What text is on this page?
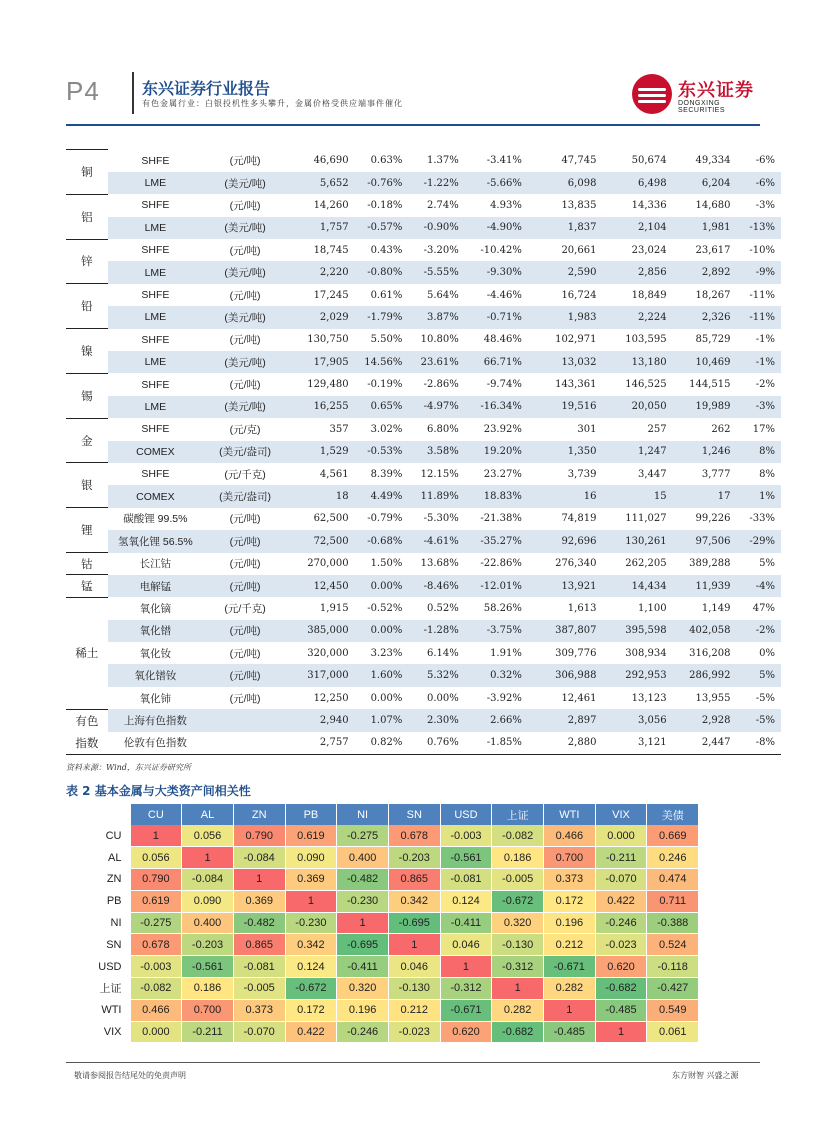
P4	东兴证券行业报告
有色金属行业：白银投机性多头攀升，金属价格受供应端事件催化
东兴证券
DONGXING SECURITIES
铜	SHFE	(元/吨)	46,690	0.63%	1.37%	-3.41%	47,745	50,674	49,334	-6%
	LME	(美元/吨)	5,652	-0.76%	-1.22%	-5.66%	6,098	6,498	6,204	-6%
铝	SHFE	(元/吨)	14,260	-0.18%	2.74%	4.93%	13,835	14,336	14,680	-3%
	LME	(美元/吨)	1,757	-0.57%	-0.90%	-4.90%	1,837	2,104	1,981	-13%
锌	SHFE	(元/吨)	18,745	0.43%	-3.20%	-10.42%	20,661	23,024	23,617	-10%
	LME	(美元/吨)	2,220	-0.80%	-5.55%	-9.30%	2,590	2,856	2,892	-9%
铅	SHFE	(元/吨)	17,245	0.61%	5.64%	-4.46%	16,724	18,849	18,267	-11%
	LME	(美元/吨)	2,029	-1.79%	3.87%	-0.71%	1,983	2,224	2,326	-11%
镍	SHFE	(元/吨)	130,750	5.50%	10.80%	48.46%	102,971	103,595	85,729	-1%
	LME	(美元/吨)	17,905	14.56%	23.61%	66.71%	13,032	13,180	10,469	-1%
锡	SHFE	(元/吨)	129,480	-0.19%	-2.86%	-9.74%	143,361	146,525	144,515	-2%
	LME	(美元/吨)	16,255	0.65%	-4.97%	-16.34%	19,516	20,050	19,989	-3%
金	SHFE	(元/克)	357	3.02%	6.80%	23.92%	301	257	262	17%
	COMEX	(美元/盎司)	1,529	-0.53%	3.58%	19.20%	1,350	1,247	1,246	8%
银	SHFE	(元/千克)	4,561	8.39%	12.15%	23.27%	3,739	3,447	3,777	8%
	COMEX	(美元/盎司)	18	4.49%	11.89%	18.83%	16	15	17	1%
锂	碳酸锂 99.5%	(元/吨)	62,500	-0.79%	-5.30%	-21.38%	74,819	111,027	99,226	-33%
	氢氧化锂 56.5%	(元/吨)	72,500	-0.68%	-4.61%	-35.27%	92,696	130,261	97,506	-29%
钴	长江钴	(元/吨)	270,000	1.50%	13.68%	-22.86%	276,340	262,205	389,288	5%
锰	电解锰	(元/吨)	12,450	0.00%	-8.46%	-12.01%	13,921	14,434	11,939	-4%
稀土	氧化镝	(元/千克)	1,915	-0.52%	0.52%	58.26%	1,613	1,100	1,149	47%
	氧化镨	(元/吨)	385,000	0.00%	-1.28%	-3.75%	387,807	395,598	402,058	-2%
	氧化钕	(元/吨)	320,000	3.23%	6.14%	1.91%	309,776	308,934	316,208	0%
	氧化镨钕	(元/吨)	317,000	1.60%	5.32%	0.32%	306,988	292,953	286,992	5%
	氧化铈	(元/吨)	12,250	0.00%	0.00%	-3.92%	12,461	13,123	13,955	-5%
有色	上海有色指数		2,940	1.07%	2.30%	2.66%	2,897	3,056	2,928	-5%
指数	伦敦有色指数		2,757	0.82%	0.76%	-1.85%	2,880	3,121	2,447	-8%
资料来源：Wind，东兴证券研究所
表 2 基本金属与大类资产间相关性
	CU	AL	ZN	PB	NI	SN	USD	上证	WTI	VIX	美债
CU	1	0.056	0.790	0.619	-0.275	0.678	-0.003	-0.082	0.466	0.000	0.669
AL	0.056	1	-0.084	0.090	0.400	-0.203	-0.561	0.186	0.700	-0.211	0.246
ZN	0.790	-0.084	1	0.369	-0.482	0.865	-0.081	-0.005	0.373	-0.070	0.474
PB	0.619	0.090	0.369	1	-0.230	0.342	0.124	-0.672	0.172	0.422	0.711
NI	-0.275	0.400	-0.482	-0.230	1	-0.695	-0.411	0.320	0.196	-0.246	-0.388
SN	0.678	-0.203	0.865	0.342	-0.695	1	0.046	-0.130	0.212	-0.023	0.524
USD	-0.003	-0.561	-0.081	0.124	-0.411	0.046	1	-0.312	-0.671	0.620	-0.118
上证	-0.082	0.186	-0.005	-0.672	0.320	-0.130	-0.312	1	0.282	-0.682	-0.427
WTI	0.466	0.700	0.373	0.172	0.196	0.212	-0.671	0.282	1	-0.485	0.549
VIX	0.000	-0.211	-0.070	0.422	-0.246	-0.023	0.620	-0.682	-0.485	1	0.061
敬请参阅报告结尾处的免责声明	东方财智 兴盛之源
